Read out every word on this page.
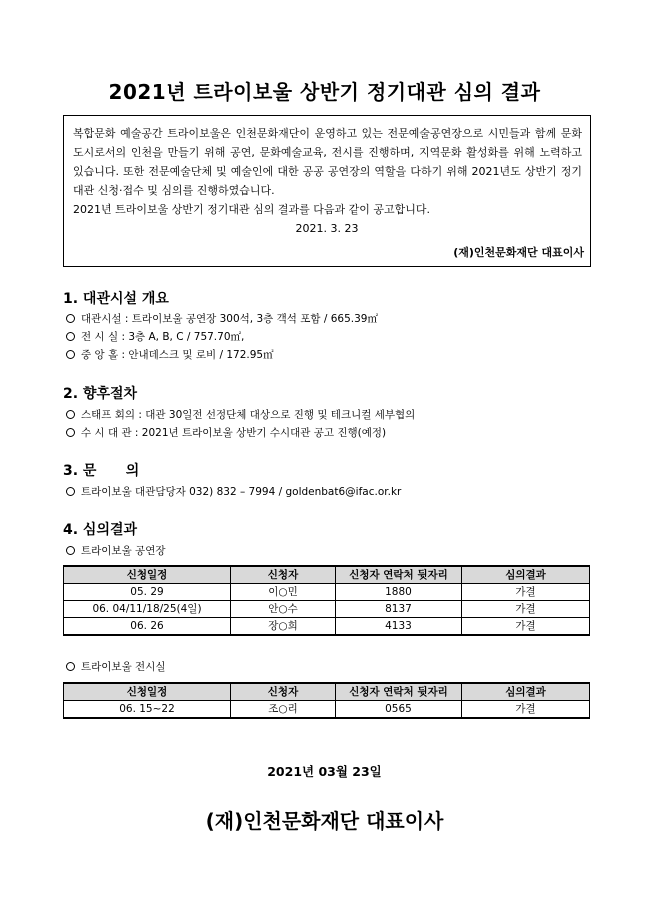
2021년 트라이보울 상반기 정기대관 심의 결과

복합문화 예술공간 트라이보울은 인천문화재단이 운영하고 있는 전문예술공연장으로 시민들과 함께 문화도시로서의 인천을 만들기 위해 공연, 문화예술교육, 전시를 진행하며, 지역문화 활성화를 위해 노력하고 있습니다. 또한 전문예술단체 및 예술인에 대한 공공 공연장의 역할을 다하기 위해 2021년도 상반기 정기대관 신청·접수 및 심의를 진행하였습니다.
2021년 트라이보울 상반기 정기대관 심의 결과를 다음과 같이 공고합니다.

2021. 3. 23
(재)인천문화재단 대표이사
1. 대관시설 개요
대관시설 : 트라이보울 공연장 300석, 3층 객석 포함 / 665.39㎡
전 시 실 : 3층 A, B, C / 757.70㎡,
중 앙 홀 : 안내데스크 및 로비 / 172.95㎡
2. 향후절차
스태프 회의 : 대관 30일전 선정단체 대상으로 진행 및 테크니컬 세부협의
수 시 대 관 : 2021년 트라이보울 상반기 수시대관 공고 진행(예정)
3. 문      의
트라이보울 대관담당자 032) 832 – 7994 / goldenbat6@ifac.or.kr
4. 심의결과
트라이보울 공연장
신청일정	신청자	신청자 연락처 뒷자리	심의결과
05. 29	이○민	1880	가결
06. 04/11/18/25(4일)	안○수	8137	가결
06. 26	장○희	4133	가결
트라이보울 전시실
신청일정	신청자	신청자 연락처 뒷자리	심의결과
06. 15~22	조○리	0565	가결
2021년 03월 23일
(재)인천문화재단 대표이사
